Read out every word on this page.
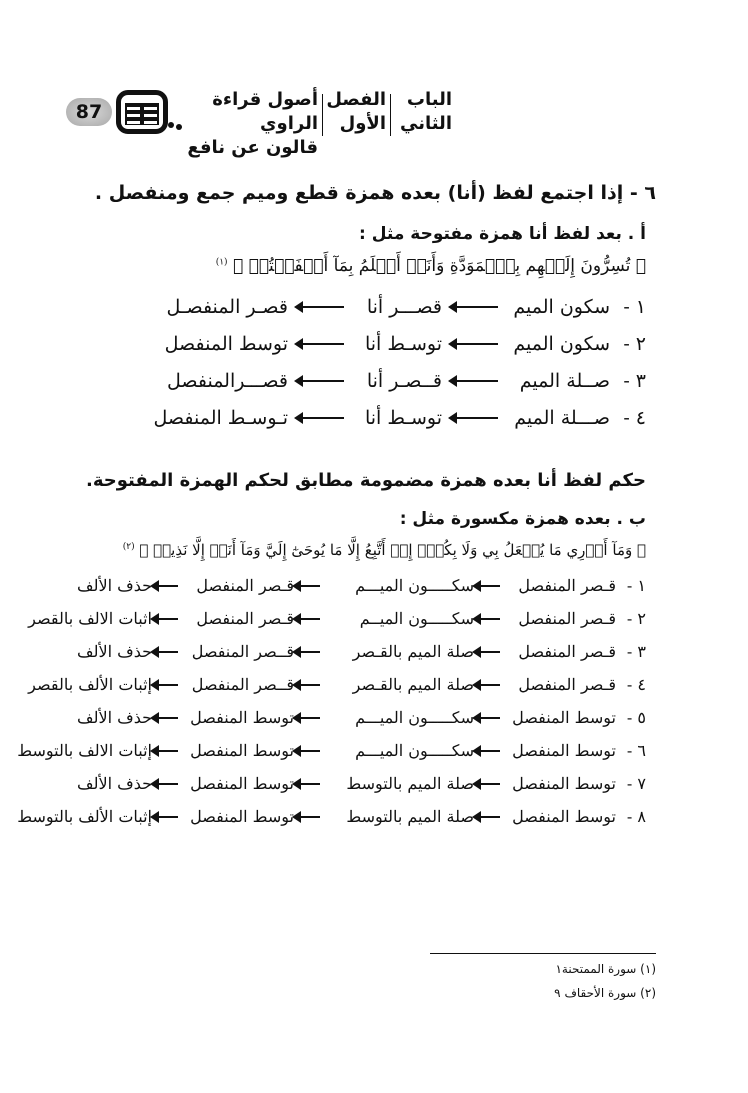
87
الباب
الثاني
الفصل
الأول
أصول قراءة الراوي
قالون عن نافع
٦ - إذا اجتمع لفظ (أنا) بعده همزة قطع وميم جمع ومنفصل .
أ . بعد لفظ أنا همزة مفتوحة مثل :
﴿ تُسِرُّونَ إِلَيۡهِم بِٱلۡمَوَدَّةِ وَأَنَا۠ أَعۡلَمُ بِمَآ أَخۡفَيۡتُمۡ ﴾ $^{(١)}$
١ -
سكون الميم
قصـــر أنا
قصـر المنفصـل
٢ -
سكون الميم
توسـط أنا
توسط المنفصل
٣ -
صــلة الميم
قــصـر أنا
قصـــرالمنفصل
٤ -
صـــلة الميم
توسـط أنا
تـوسـط المنفصل
حكم لفظ أنا بعده همزة مضمومة مطابق لحكم الهمزة المفتوحة.
ب . بعده همزة مكسورة مثل :
﴿ وَمَآ أَدۡرِي مَا يُفۡعَلُ بِي وَلَا بِكُمۡۖ إِنۡ أَتَّبِعُ إِلَّا مَا يُوحَىٰٓ إِلَيَّ وَمَآ أَنَا۠ إِلَّا نَذِيرٞ ﴾ $^{(٢)}$
١ -
قـصر المنفصل
سكـــــون الميـــم
قـصر المنفصل
حذف الألف
٢ -
قـصر المنفصل
سكـــــون الميــم
قـصر المنفصل
اثبات الالف بالقصر
٣ -
قـصر المنفصل
صلة الميم بالقـصر
قــصر المنفصل
حذف الألف
٤ -
قـصر المنفصل
صلة الميم بالقـصر
قــصر المنفصل
إثبات الألف بالقصر
٥ -
توسط المنفصل
سكـــــون الميـــم
توسط المنفصل
حذف الألف
٦ -
توسط المنفصل
سكـــــون الميـــم
توسط المنفصل
إثبات الالف بالتوسط
٧ -
توسط المنفصل
صلة الميم بالتوسط
توسط المنفصل
حذف الألف
٨ -
توسط المنفصل
صلة الميم بالتوسط
توسط المنفصل
إثبات الألف بالتوسط
(١) سورة الممتحنة١
(٢) سورة الأحقاف ٩
